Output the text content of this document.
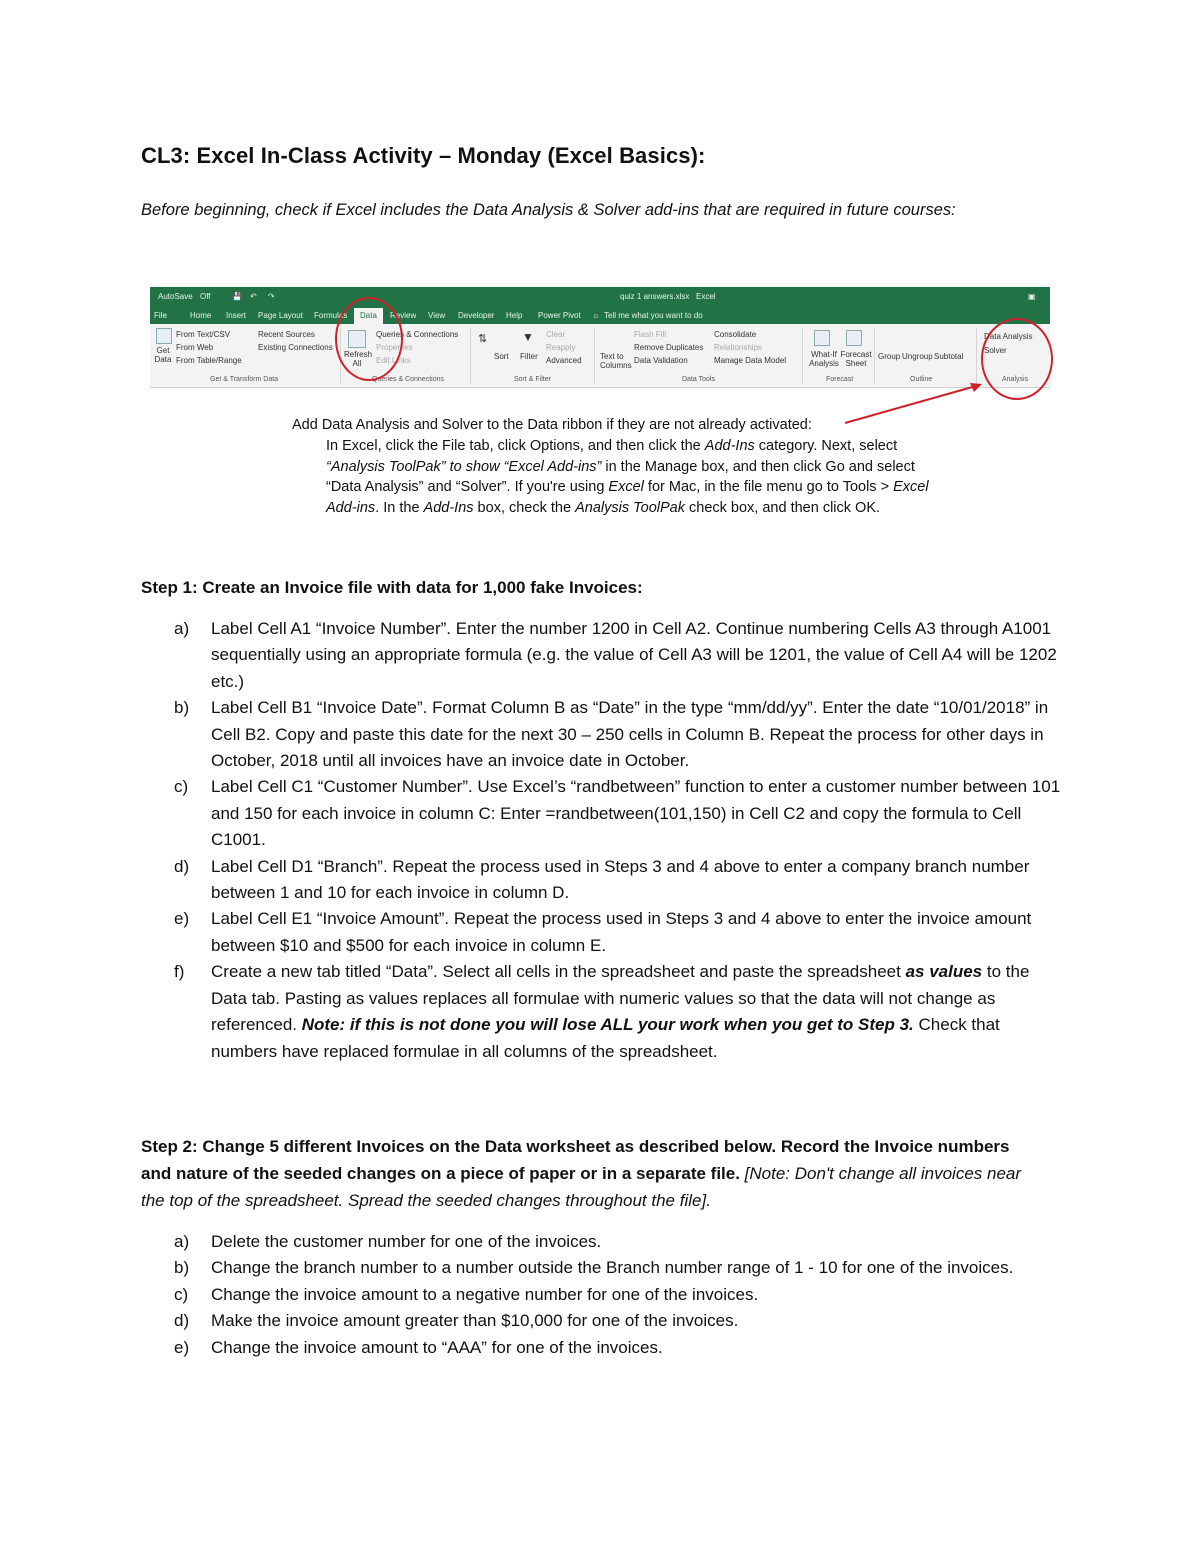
CL3: Excel In-Class Activity – Monday (Excel Basics):
Before beginning, check if Excel includes the Data Analysis & Solver add-ins that are required in future courses:
AutoSave Off	💾 ↶ ↷	quiz 1 answers.xlsx Excel	▣
File	Home Insert Page Layout Formulas	Data	Review View Developer Help Power Pivot ☼ Tell me what you want to do
Get Data
From Text/CSV
From Web
From Table/Range
Recent Sources
Existing Connections
Get & Transform Data
Refresh All
Queries & Connections
Properties
Edit Links
Queries & Connections
⇅
Sort
▼
Filter
Clear
Reapply
Advanced
Sort & Filter
Text to Columns
Flash Fill
Remove Duplicates
Data Validation
Consolidate
Relationships
Manage Data Model
Data Tools
What-If Analysis
Forecast Sheet
Forecast
Group Ungroup Subtotal
Outline
Data Analysis
Solver
Analysis
Add Data Analysis and Solver to the Data ribbon if they are not already activated:
In Excel, click the File tab, click Options, and then click the Add-Ins category. Next, select “Analysis ToolPak” to show “Excel Add-ins” in the Manage box, and then click Go and select “Data Analysis” and “Solver”. If you're using Excel for Mac, in the file menu go to Tools > Excel Add-ins. In the Add-Ins box, check the Analysis ToolPak check box, and then click OK.
Step 1: Create an Invoice file with data for 1,000 fake Invoices:
a) Label Cell A1 “Invoice Number”. Enter the number 1200 in Cell A2. Continue numbering Cells A3 through A1001 sequentially using an appropriate formula (e.g. the value of Cell A3 will be 1201, the value of Cell A4 will be 1202 etc.)
b) Label Cell B1 “Invoice Date”. Format Column B as “Date” in the type “mm/dd/yy”. Enter the date “10/01/2018” in Cell B2. Copy and paste this date for the next 30 – 250 cells in Column B. Repeat the process for other days in October, 2018 until all invoices have an invoice date in October.
c) Label Cell C1 “Customer Number”. Use Excel’s “randbetween” function to enter a customer number between 101 and 150 for each invoice in column C: Enter =randbetween(101,150) in Cell C2 and copy the formula to Cell C1001.
d) Label Cell D1 “Branch”. Repeat the process used in Steps 3 and 4 above to enter a company branch number between 1 and 10 for each invoice in column D.
e) Label Cell E1 “Invoice Amount”. Repeat the process used in Steps 3 and 4 above to enter the invoice amount between $10 and $500 for each invoice in column E.
f) Create a new tab titled “Data”. Select all cells in the spreadsheet and paste the spreadsheet as values to the Data tab. Pasting as values replaces all formulae with numeric values so that the data will not change as referenced. Note: if this is not done you will lose ALL your work when you get to Step 3. Check that numbers have replaced formulae in all columns of the spreadsheet.
Step 2: Change 5 different Invoices on the Data worksheet as described below. Record the Invoice numbers and nature of the seeded changes on a piece of paper or in a separate file. [Note: Don't change all invoices near the top of the spreadsheet. Spread the seeded changes throughout the file].
a) Delete the customer number for one of the invoices.
b) Change the branch number to a number outside the Branch number range of 1 - 10 for one of the invoices.
c) Change the invoice amount to a negative number for one of the invoices.
d) Make the invoice amount greater than $10,000 for one of the invoices.
e) Change the invoice amount to “AAA” for one of the invoices.
